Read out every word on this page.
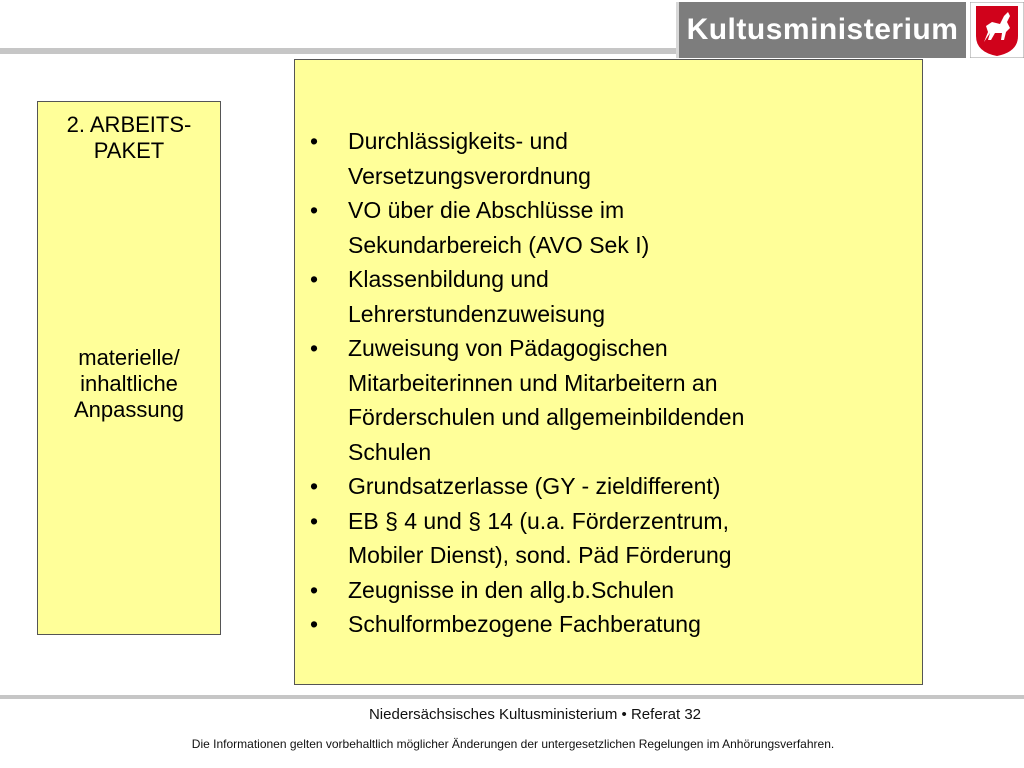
Kultusministerium
2. ARBEITS-
PAKET
materielle/
inhaltliche
Anpassung
• Durchlässigkeits- und
Versetzungsverordnung
• VO über die Abschlüsse im
Sekundarbereich (AVO Sek I)
• Klassenbildung und
Lehrerstundenzuweisung
• Zuweisung von Pädagogischen
Mitarbeiterinnen und Mitarbeitern an
Förderschulen und allgemeinbildenden
Schulen
• Grundsatzerlasse (GY - zieldifferent)
• EB § 4 und § 14 (u.a. Förderzentrum,
Mobiler Dienst), sond. Päd Förderung
• Zeugnisse in den allg.b.Schulen
• Schulformbezogene Fachberatung
Niedersächsisches Kultusministerium • Referat 32
Die Informationen gelten vorbehaltlich möglicher Änderungen der untergesetzlichen Regelungen im Anhörungsverfahren.
